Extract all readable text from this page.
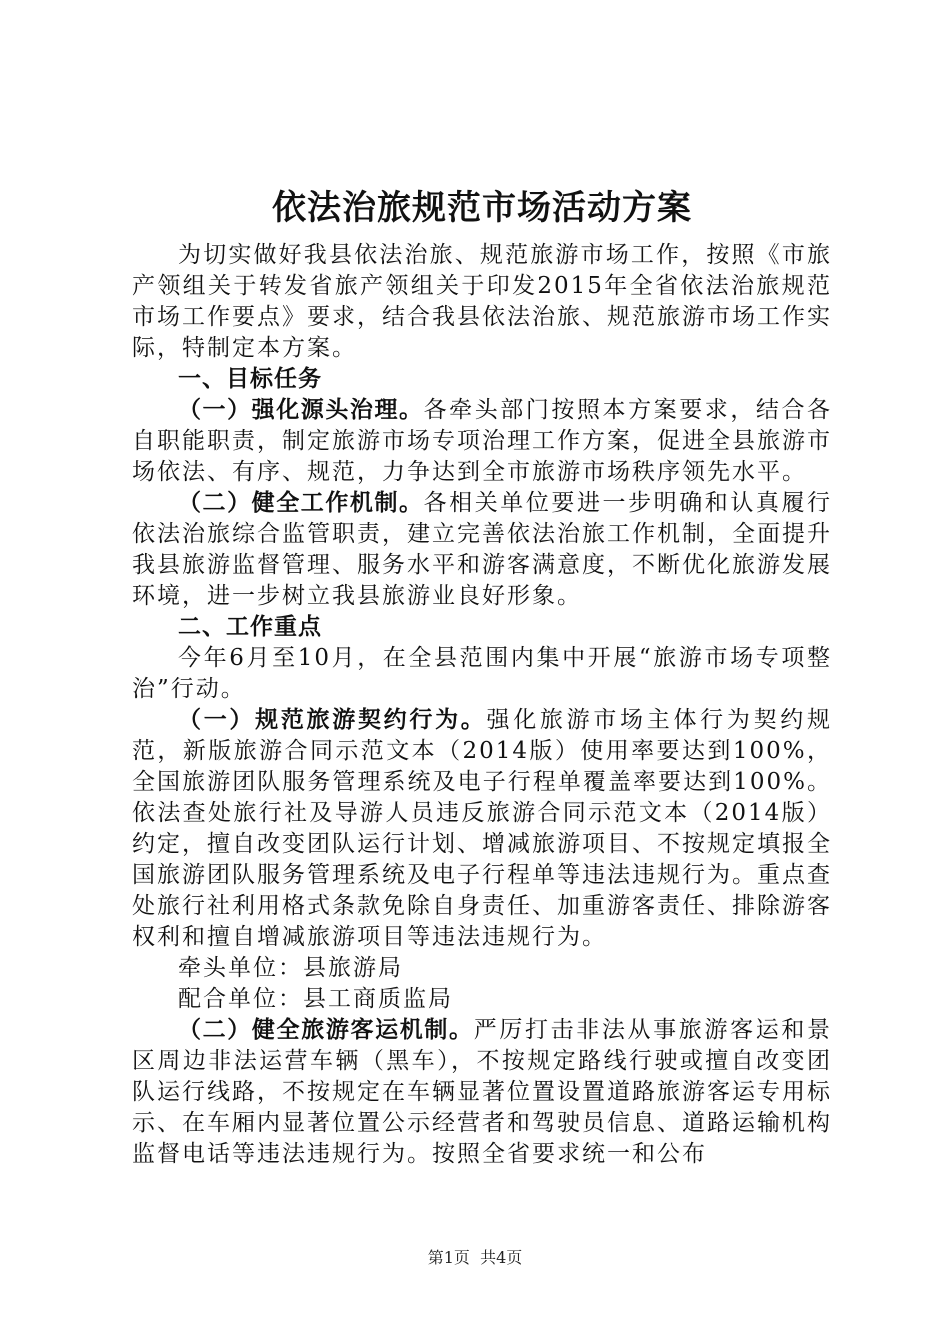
依法治旅规范市场活动方案

为切实做好我县依法治旅、规范旅游市场工作，按照《市旅产领组关于转发省旅产领组关于印发2015年全省依法治旅规范市场工作要点》要求，结合我县依法治旅、规范旅游市场工作实际，特制定本方案。

一、目标任务

（一）强化源头治理。各牵头部门按照本方案要求，结合各自职能职责，制定旅游市场专项治理工作方案，促进全县旅游市场依法、有序、规范，力争达到全市旅游市场秩序领先水平。

（二）健全工作机制。各相关单位要进一步明确和认真履行依法治旅综合监管职责，建立完善依法治旅工作机制，全面提升我县旅游监督管理、服务水平和游客满意度，不断优化旅游发展环境，进一步树立我县旅游业良好形象。

二、工作重点

今年6月至10月，在全县范围内集中开展“旅游市场专项整治”行动。

（一）规范旅游契约行为。强化旅游市场主体行为契约规范，新版旅游合同示范文本（2014版）使用率要达到100%，全国旅游团队服务管理系统及电子行程单覆盖率要达到100%。依法查处旅行社及导游人员违反旅游合同示范文本（2014版）约定，擅自改变团队运行计划、增减旅游项目、不按规定填报全国旅游团队服务管理系统及电子行程单等违法违规行为。重点查处旅行社利用格式条款免除自身责任、加重游客责任、排除游客权利和擅自增减旅游项目等违法违规行为。

牵头单位：县旅游局

配合单位：县工商质监局

（二）健全旅游客运机制。严厉打击非法从事旅游客运和景区周边非法运营车辆（黑车），不按规定路线行驶或擅自改变团队运行线路，不按规定在车辆显著位置设置道路旅游客运专用标示、在车厢内显著位置公示经营者和驾驶员信息、道路运输机构监督电话等违法违规行为。按照全省要求统一和公布

第1页 共4页
